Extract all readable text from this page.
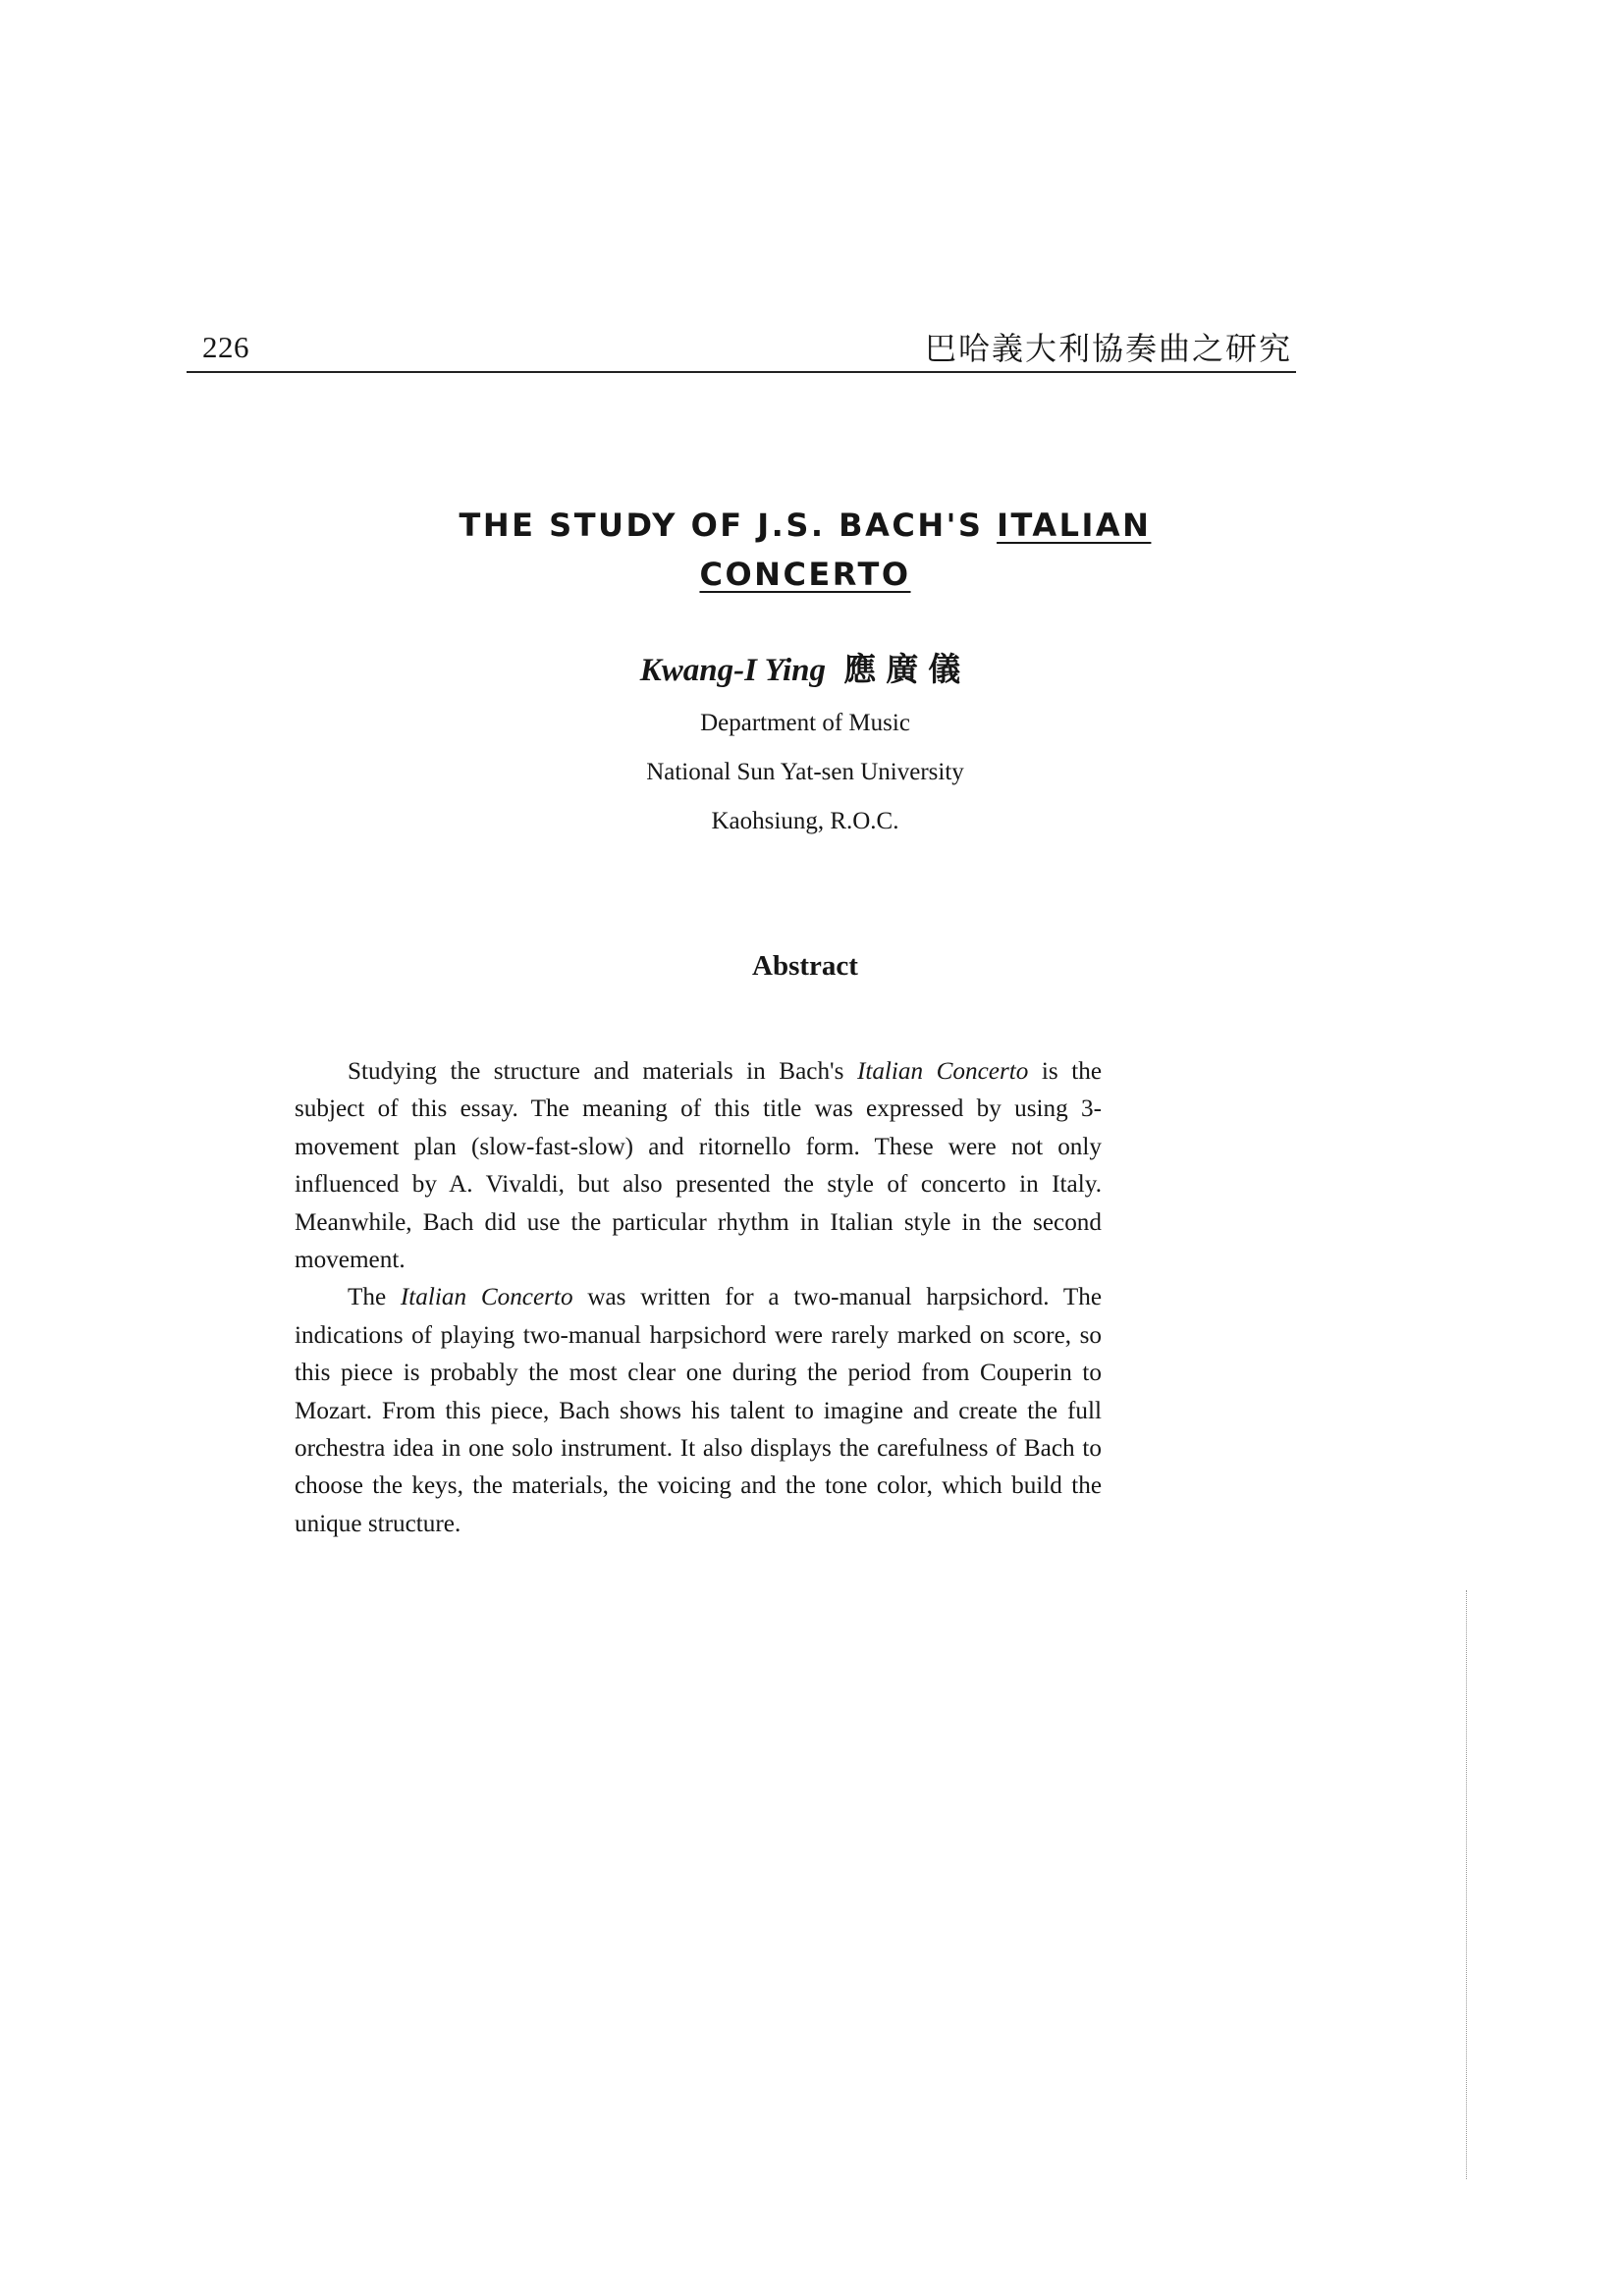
226	巴哈義大利協奏曲之研究
THE STUDY OF J.S. BACH'S ITALIAN
CONCERTO
Kwang-I Ying 應廣儀
Department of Music
National Sun Yat-sen University
Kaohsiung, R.O.C.
Abstract

Studying the structure and materials in Bach's Italian Concerto is the subject of this essay. The meaning of this title was expressed by using 3-movement plan (slow-fast-slow) and ritornello form. These were not only influenced by A. Vivaldi, but also presented the style of concerto in Italy. Meanwhile, Bach did use the particular rhythm in Italian style in the second movement.

The Italian Concerto was written for a two-manual harpsichord. The indications of playing two-manual harpsichord were rarely marked on score, so this piece is probably the most clear one during the period from Couperin to Mozart. From this piece, Bach shows his talent to imagine and create the full orchestra idea in one solo instrument. It also displays the carefulness of Bach to choose the keys, the materials, the voicing and the tone color, which build the unique structure.
